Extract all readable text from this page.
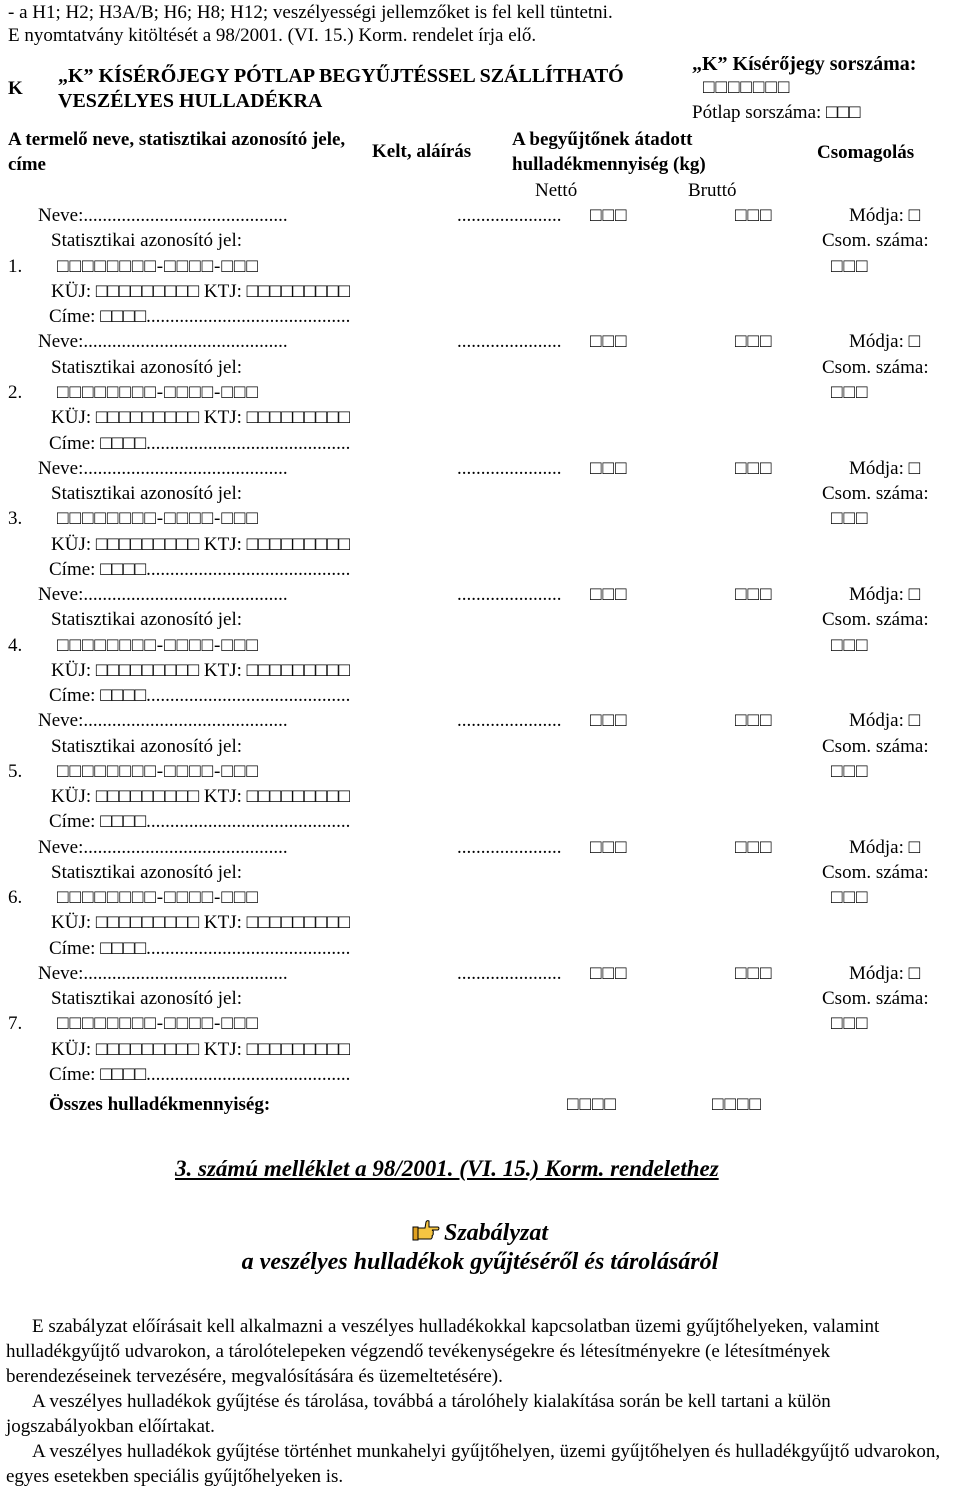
- a H1; H2; H3A/B; H6; H8; H12; veszélyességi jellemzőket is fel kell tüntetni.
E nyomtatvány kitöltését a 98/2001. (VI. 15.) Korm. rendelet írja elő.
K
„K” KÍSÉRŐJEGY PÓTLAP BEGYŰJTÉSSEL SZÁLLÍTHATÓ
VESZÉLYES HULLADÉKRA
„K” Kísérőjegy sorszáma:
□□□□□□□
Pótlap sorszáma: □□□
A termelő neve, statisztikai azonosító jele, címe
Kelt, aláírás
A begyűjtőnek átadott
hulladékmennyiség (kg)
Csomagolás
Nettó	Bruttó
Neve:...........................................	...................... □□□	□□□	Módja: □
Statisztikai azonosító jel:	Csom. száma:
1. □□□□□□□□-□□□□-□□□	□□□
KÜJ: □□□□□□□□□ KTJ: □□□□□□□□□
Címe: □□□□...........................................
Neve:...........................................	...................... □□□	□□□	Módja: □
Statisztikai azonosító jel:	Csom. száma:
2. □□□□□□□□-□□□□-□□□	□□□
KÜJ: □□□□□□□□□ KTJ: □□□□□□□□□
Címe: □□□□...........................................
Neve:...........................................	...................... □□□	□□□	Módja: □
Statisztikai azonosító jel:	Csom. száma:
3. □□□□□□□□-□□□□-□□□	□□□
KÜJ: □□□□□□□□□ KTJ: □□□□□□□□□
Címe: □□□□...........................................
Neve:...........................................	...................... □□□	□□□	Módja: □
Statisztikai azonosító jel:	Csom. száma:
4. □□□□□□□□-□□□□-□□□	□□□
KÜJ: □□□□□□□□□ KTJ: □□□□□□□□□
Címe: □□□□...........................................
Neve:...........................................	...................... □□□	□□□	Módja: □
Statisztikai azonosító jel:	Csom. száma:
5. □□□□□□□□-□□□□-□□□	□□□
KÜJ: □□□□□□□□□ KTJ: □□□□□□□□□
Címe: □□□□...........................................
Neve:...........................................	...................... □□□	□□□	Módja: □
Statisztikai azonosító jel:	Csom. száma:
6. □□□□□□□□-□□□□-□□□	□□□
KÜJ: □□□□□□□□□ KTJ: □□□□□□□□□
Címe: □□□□...........................................
Neve:...........................................	...................... □□□	□□□	Módja: □
Statisztikai azonosító jel:	Csom. száma:
7. □□□□□□□□-□□□□-□□□	□□□
KÜJ: □□□□□□□□□ KTJ: □□□□□□□□□
Címe: □□□□...........................................
Összes hulladékmennyiség:	□□□□	□□□□
3. számú melléklet a 98/2001. (VI. 15.) Korm. rendelethez
Szabályzat
a veszélyes hulladékok gyűjtéséről és tárolásáról
E szabályzat előírásait kell alkalmazni a veszélyes hulladékokkal kapcsolatban üzemi gyűjtőhelyeken, valamint hulladékgyűjtő udvarokon, a tárolótelepeken végzendő tevékenységekre és létesítményekre (e létesítmények berendezéseinek tervezésére, megvalósítására és üzemeltetésére).
A veszélyes hulladékok gyűjtése és tárolása, továbbá a tárolóhely kialakítása során be kell tartani a külön jogszabályokban előírtakat.
A veszélyes hulladékok gyűjtése történhet munkahelyi gyűjtőhelyen, üzemi gyűjtőhelyen és hulladékgyűjtő udvarokon, egyes esetekben speciális gyűjtőhelyeken is.
